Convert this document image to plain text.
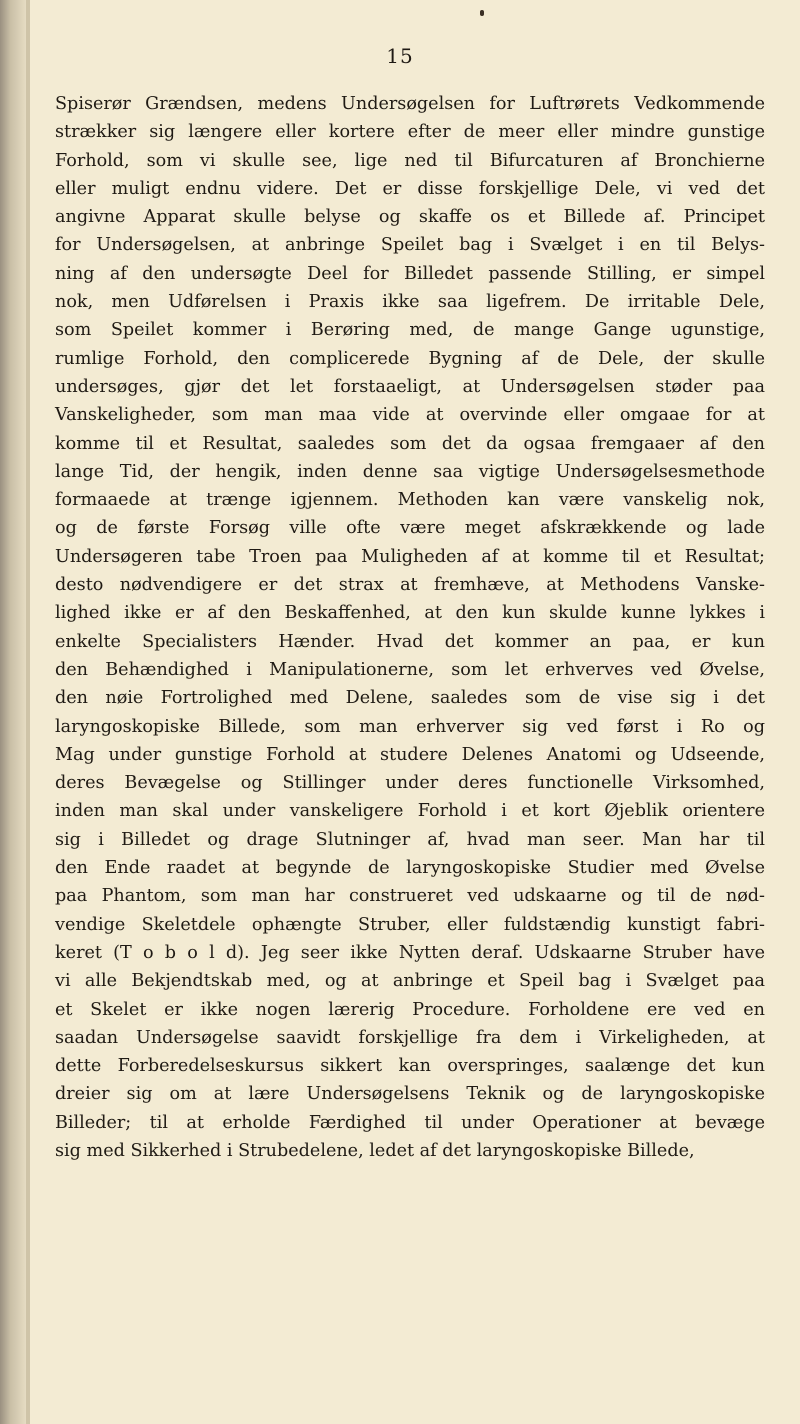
15
Spiserør Grændsen, medens Undersøgelsen for Luftrørets Vedkommende
strækker sig længere eller kortere efter de meer eller mindre gunstige
Forhold, som vi skulle see, lige ned til Bifurcaturen af Bronchierne
eller muligt endnu videre. Det er disse forskjellige Dele, vi ved det
angivne Apparat skulle belyse og skaffe os et Billede af. Principet
for Undersøgelsen, at anbringe Speilet bag i Svælget i en til Belys-
ning af den undersøgte Deel for Billedet passende Stilling, er simpel
nok, men Udførelsen i Praxis ikke saa ligefrem. De irritable Dele,
som Speilet kommer i Berøring med, de mange Gange ugunstige,
rumlige Forhold, den complicerede Bygning af de Dele, der skulle
undersøges, gjør det let forstaaeligt, at Undersøgelsen støder paa
Vanskeligheder, som man maa vide at overvinde eller omgaae for at
komme til et Resultat, saaledes som det da ogsaa fremgaaer af den
lange Tid, der hengik, inden denne saa vigtige Undersøgelsesmethode
formaaede at trænge igjennem. Methoden kan være vanskelig nok,
og de første Forsøg ville ofte være meget afskrækkende og lade
Undersøgeren tabe Troen paa Muligheden af at komme til et Resultat;
desto nødvendigere er det strax at fremhæve, at Methodens Vanske-
lighed ikke er af den Beskaffenhed, at den kun skulde kunne lykkes i
enkelte Specialisters Hænder. Hvad det kommer an paa, er kun
den Behændighed i Manipulationerne, som let erhverves ved Øvelse,
den nøie Fortrolighed med Delene, saaledes som de vise sig i det
laryngoskopiske Billede, som man erhverver sig ved først i Ro og
Mag under gunstige Forhold at studere Delenes Anatomi og Udseende,
deres Bevægelse og Stillinger under deres functionelle Virksomhed,
inden man skal under vanskeligere Forhold i et kort Øjeblik orientere
sig i Billedet og drage Slutninger af, hvad man seer. Man har til
den Ende raadet at begynde de laryngoskopiske Studier med Øvelse
paa Phantom, som man har construeret ved udskaarne og til de nød-
vendige Skeletdele ophængte Struber, eller fuldstændig kunstigt fabri-
keret (T o b o l d). Jeg seer ikke Nytten deraf. Udskaarne Struber have
vi alle Bekjendtskab med, og at anbringe et Speil bag i Svælget paa
et Skelet er ikke nogen lærerig Procedure. Forholdene ere ved en
saadan Undersøgelse saavidt forskjellige fra dem i Virkeligheden, at
dette Forberedelseskursus sikkert kan overspringes, saalænge det kun
dreier sig om at lære Undersøgelsens Teknik og de laryngoskopiske
Billeder; til at erholde Færdighed til under Operationer at bevæge
sig med Sikkerhed i Strubedelene, ledet af det laryngoskopiske Billede,
